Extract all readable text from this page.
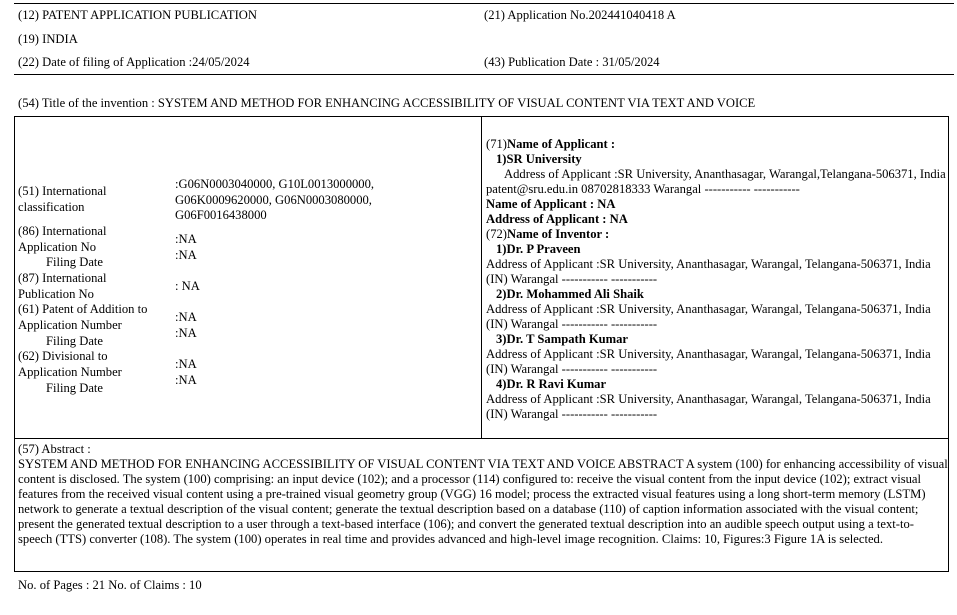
(12) PATENT APPLICATION PUBLICATION	(21) Application No.202441040418 A
(19) INDIA
(22) Date of filing of Application :24/05/2024	(43) Publication Date : 31/05/2024
(54) Title of the invention : SYSTEM AND METHOD FOR ENHANCING ACCESSIBILITY OF VISUAL CONTENT VIA TEXT AND VOICE
(51) International
classification
:G06N0003040000, G10L0013000000,
G06K0009620000, G06N0003080000,
G06F0016438000
(86) International
Application No
Filing Date
:NA
:NA
(87) International
Publication No
: NA
(61) Patent of Addition to
Application Number
Filing Date
:NA
:NA
(62) Divisional to
Application Number
Filing Date
:NA
:NA
(71)Name of Applicant :
1)SR University
Address of Applicant :SR University, Ananthasagar, Warangal,Telangana-506371, India patent@sru.edu.in 08702818333 Warangal ----------- -----------
Name of Applicant : NA
Address of Applicant : NA
(72)Name of Inventor :
1)Dr. P Praveen
Address of Applicant :SR University, Ananthasagar, Warangal, Telangana-506371, India (IN) Warangal ----------- -----------
2)Dr. Mohammed Ali Shaik
Address of Applicant :SR University, Ananthasagar, Warangal, Telangana-506371, India (IN) Warangal ----------- -----------
3)Dr. T Sampath Kumar
Address of Applicant :SR University, Ananthasagar, Warangal, Telangana-506371, India (IN) Warangal ----------- -----------
4)Dr. R Ravi Kumar
Address of Applicant :SR University, Ananthasagar, Warangal, Telangana-506371, India (IN) Warangal ----------- -----------
(57) Abstract :
SYSTEM AND METHOD FOR ENHANCING ACCESSIBILITY OF VISUAL CONTENT VIA TEXT AND VOICE ABSTRACT A system (100) for enhancing accessibility of visual content is disclosed. The system (100) comprising: an input device (102); and a processor (114) configured to: receive the visual content from the input device (102); extract visual features from the received visual content using a pre-trained visual geometry group (VGG) 16 model; process the extracted visual features using a long short-term memory (LSTM) network to generate a textual description of the visual content; generate the textual description based on a database (110) of caption information associated with the visual content; present the generated textual description to a user through a text-based interface (106); and convert the generated textual description into an audible speech output using a text-to-speech (TTS) converter (108). The system (100) operates in real time and provides advanced and high-level image recognition. Claims: 10, Figures:3 Figure 1A is selected.
No. of Pages : 21 No. of Claims : 10
